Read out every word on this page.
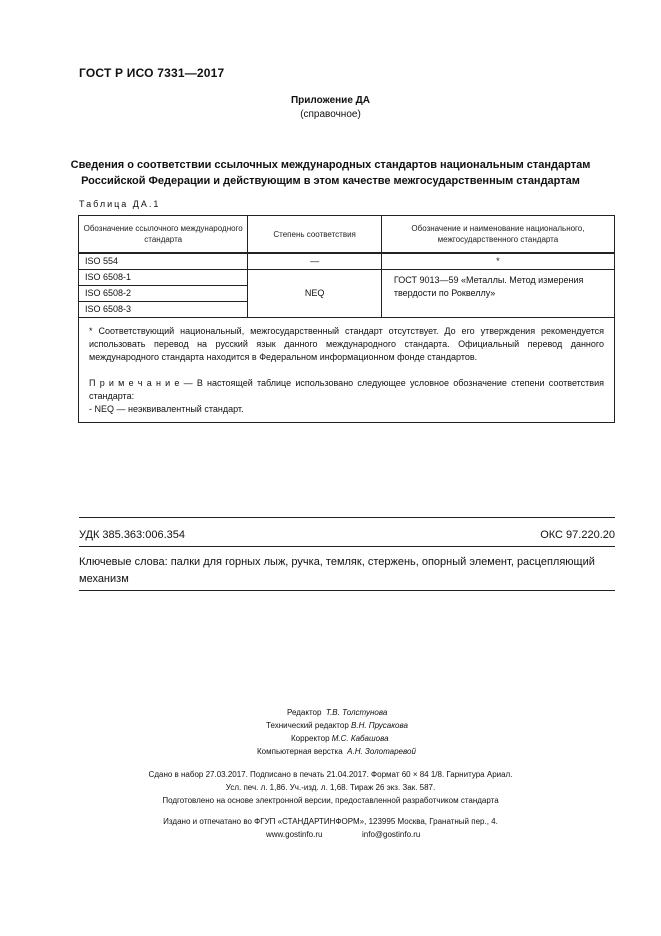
ГОСТ Р ИСО 7331—2017
Приложение ДА
(справочное)
Сведения о соответствии ссылочных международных стандартов национальным стандартам
Российской Федерации и действующим в этом качестве межгосударственным стандартам
Таблица ДА.1
Обозначение ссылочного международного стандарта	Степень соответствия	Обозначение и наименование национального, межгосударственного стандарта
ISO 554	—	*
ISO 6508-1	NEQ	ГОСТ 9013—59 «Металлы. Метод измерения твердости по Роквеллу»
ISO 6508-2		
ISO 6508-3		

* Соответствующий национальный, межгосударственный стандарт отсутствует. До его утверждения рекомендуется использовать перевод на русский язык данного международного стандарта. Официальный перевод данного международного стандарта находится в Федеральном информационном фонде стандартов.

П р и м е ч а н и е — В настоящей таблице использовано следующее условное обозначение степени соответствия стандарта:

- NEQ — неэквивалентный стандарт.		

УДК 385.363:006.354	ОКС 97.220.20
Ключевые слова: палки для горных лыж, ручка, темляк, стержень, опорный элемент, расцепляющий механизм
Редактор Т.В. Толстунова
Технический редактор В.Н. Прусакова
Корректор М.С. Кабашова
Компьютерная верстка А.Н. Золотаревой
Сдано в набор 27.03.2017. Подписано в печать 21.04.2017. Формат 60 × 84 1/8. Гарнитура Ариал.
Усл. печ. л. 1,86. Уч.-изд. л. 1,68. Тираж 26 экз. Зак. 587.
Подготовлено на основе электронной версии, предоставленной разработчиком стандарта
Издано и отпечатано во ФГУП «СТАНДАРТИНФОРМ», 123995 Москва, Гранатный пер., 4.
www.gostinfo.ru	info@gostinfo.ru
